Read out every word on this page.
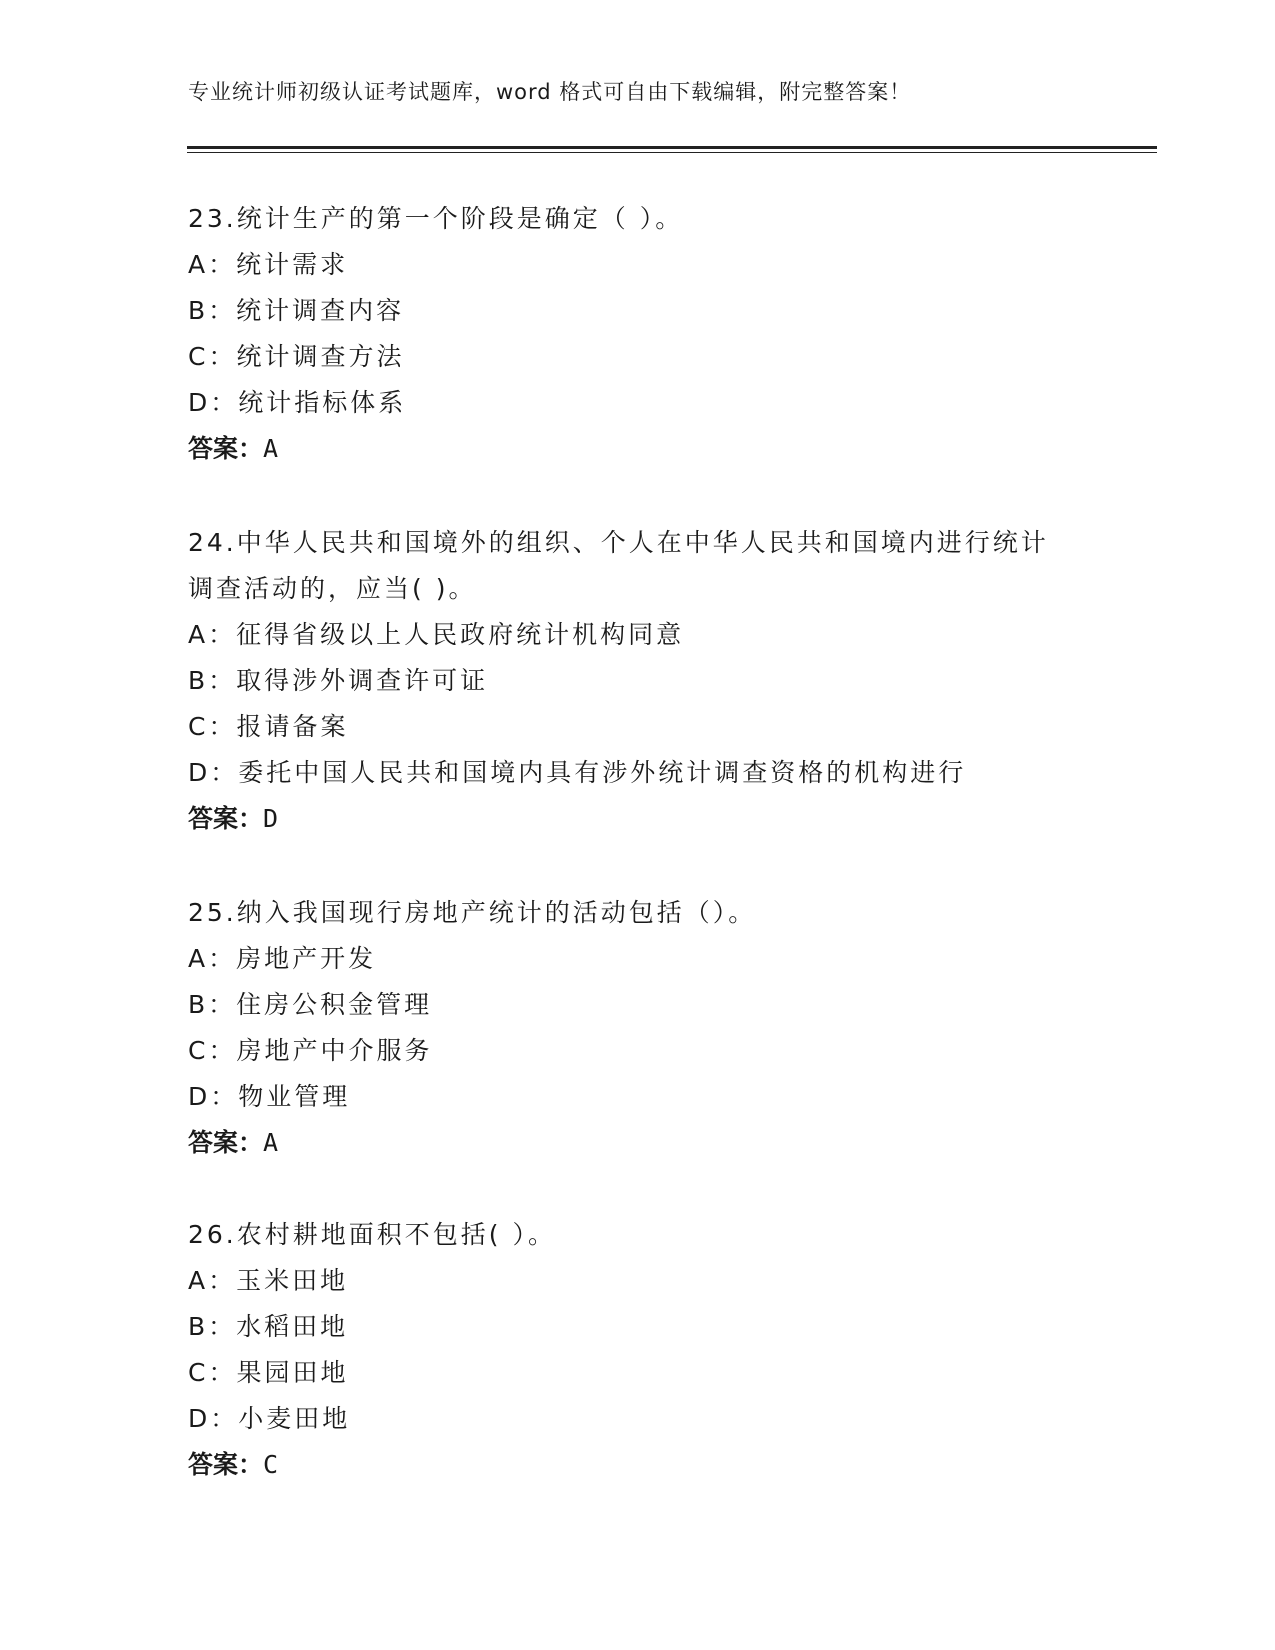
专业统计师初级认证考试题库，word 格式可自由下载编辑，附完整答案！
23.统计生产的第一个阶段是确定（ ）。
A：统计需求
B：统计调查内容
C：统计调查方法
D：统计指标体系
答案：A
24.中华人民共和国境外的组织、个人在中华人民共和国境内进行统计
调查活动的，应当( )。
A：征得省级以上人民政府统计机构同意
B：取得涉外调查许可证
C：报请备案
D：委托中国人民共和国境内具有涉外统计调查资格的机构进行
答案：D
25.纳入我国现行房地产统计的活动包括（）。
A：房地产开发
B：住房公积金管理
C：房地产中介服务
D：物业管理
答案：A
26.农村耕地面积不包括( ）。
A：玉米田地
B：水稻田地
C：果园田地
D：小麦田地
答案：C
